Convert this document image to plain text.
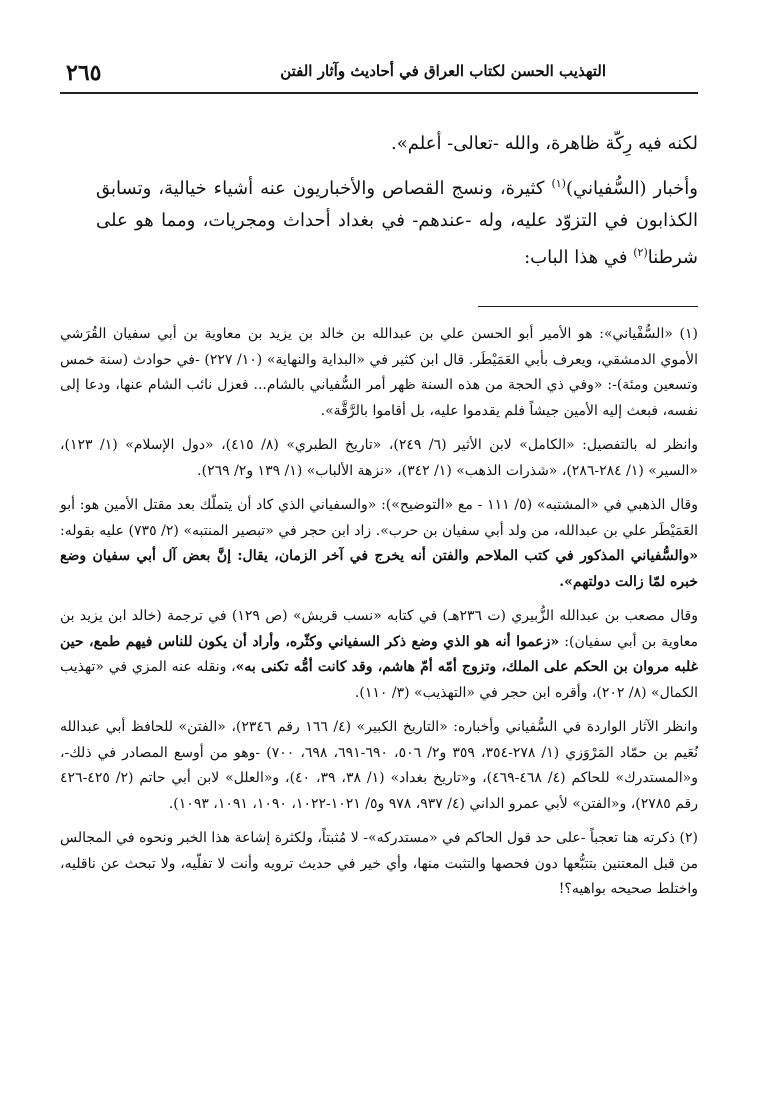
٢٦٥	التهذيب الحسن لكتاب العراق في أحاديث وآثار الفتن

لكنه فيه رِكّة ظاهرة، والله -تعالى- أعلم».

وأخبار (السُّفياني)$^{(١)}$ كثيرة، ونسج القصاص والأخباريون عنه أشياء خيالية، وتسابق الكذابون في التزوّد عليه، وله -عندهم- في بغداد أحداث ومجريات، ومما هو على شرطنا$^{(٢)}$ في هذا الباب:

(١) «السُّفْياني»: هو الأمير أبو الحسن علي بن عبدالله بن خالد بن يزيد بن معاوية بن أبي سفيان القُرَشي الأموي الدمشقي، ويعرف بأبي العَمَيْطَر. قال ابن كثير في «البداية والنهاية» (١٠/ ٢٢٧) -في حوادث (سنة خمس وتسعين ومئة)-: «وفي ذي الحجة من هذه السنة ظهر أمر السُّفياني بالشام... فعزل نائب الشام عنها، ودعا إلى نفسه، فبعث إليه الأمين جيشاً فلم يقدموا عليه، بل أقاموا بالرَّقَّة».

وانظر له بالتفصيل: «الكامل» لابن الأثير (٦/ ٢٤٩)، «تاريخ الطبري» (٨/ ٤١٥)، «دول الإسلام» (١/ ١٢٣)، «السير» (١/ ٢٨٤-٢٨٦)، «شذرات الذهب» (١/ ٣٤٢)، «نزهة الألباب» (١/ ١٣٩ و٢/ ٢٦٩).

وقال الذهبي في «المشتبه» (٥/ ١١١ - مع «التوضيح»): «والسفياني الذي كاد أن يتملّك بعد مقتل الأمين هو: أبو العَمَيْطَر علي بن عبدالله، من ولد أبي سفيان بن حرب». زاد ابن حجر في «تبصير المنتبه» (٢/ ٧٣٥) عليه بقوله: «والسُّفياني المذكور في كتب الملاحم والفتن أنه يخرج في آخر الزمان، يقال: إنَّ بعض آل أبي سفيان وضع خبره لمّا زالت دولتهم».

وقال مصعب بن عبدالله الزُّبيري (ت ٢٣٦هـ) في كتابه «نسب قريش» (ص ١٢٩) في ترجمة (خالد ابن يزيد بن معاوية بن أبي سفيان): «زعموا أنه هو الذي وضع ذكر السفياني وكثّره، وأراد أن يكون للناس فيهم طمع، حين غلبه مروان بن الحكم على الملك، وتزوج أمّه أمّ هاشم، وقد كانت أمُّه تكنى به»، ونقله عنه المزي في «تهذيب الكمال» (٨/ ٢٠٢)، وأقره ابن حجر في «التهذيب» (٣/ ١١٠).

وانظر الآثار الواردة في السُّفياني وأخباره: «التاريخ الكبير» (٤/ ١٦٦ رقم ٢٣٤٦)، «الفتن» للحافظ أبي عبدالله نُعَيم بن حمّاد المَرْوَزي (١/ ٢٧٨-٣٥٤، ٣٥٩ و٢/ ٥٠٦، ٦٩٠-٦٩١، ٦٩٨، ٧٠٠) -وهو من أوسع المصادر في ذلك-، و«المستدرك» للحاكم (٤/ ٤٦٨-٤٦٩)، و«تاريخ بغداد» (١/ ٣٨، ٣٩، ٤٠)، و«العلل» لابن أبي حاتم (٢/ ٤٢٥-٤٢٦ رقم ٢٧٨٥)، و«الفتن» لأبي عمرو الداني (٤/ ٩٣٧، ٩٧٨ و٥/ ١٠٢١-١٠٢٢، ١٠٩٠، ١٠٩١، ١٠٩٣).

(٢) ذكرته هنا تعجباً -على حد قول الحاكم في «مستدركه»- لا مُثبتاً، ولكثرة إشاعة هذا الخبر ونحوه في المجالس من قبل المعتنين بتتبُّعها دون فحصها والتثبت منها، وأي خير في حديث ترويه وأنت لا تفلّيه، ولا تبحث عن ناقليه، واختلط صحيحه بواهيه؟!
